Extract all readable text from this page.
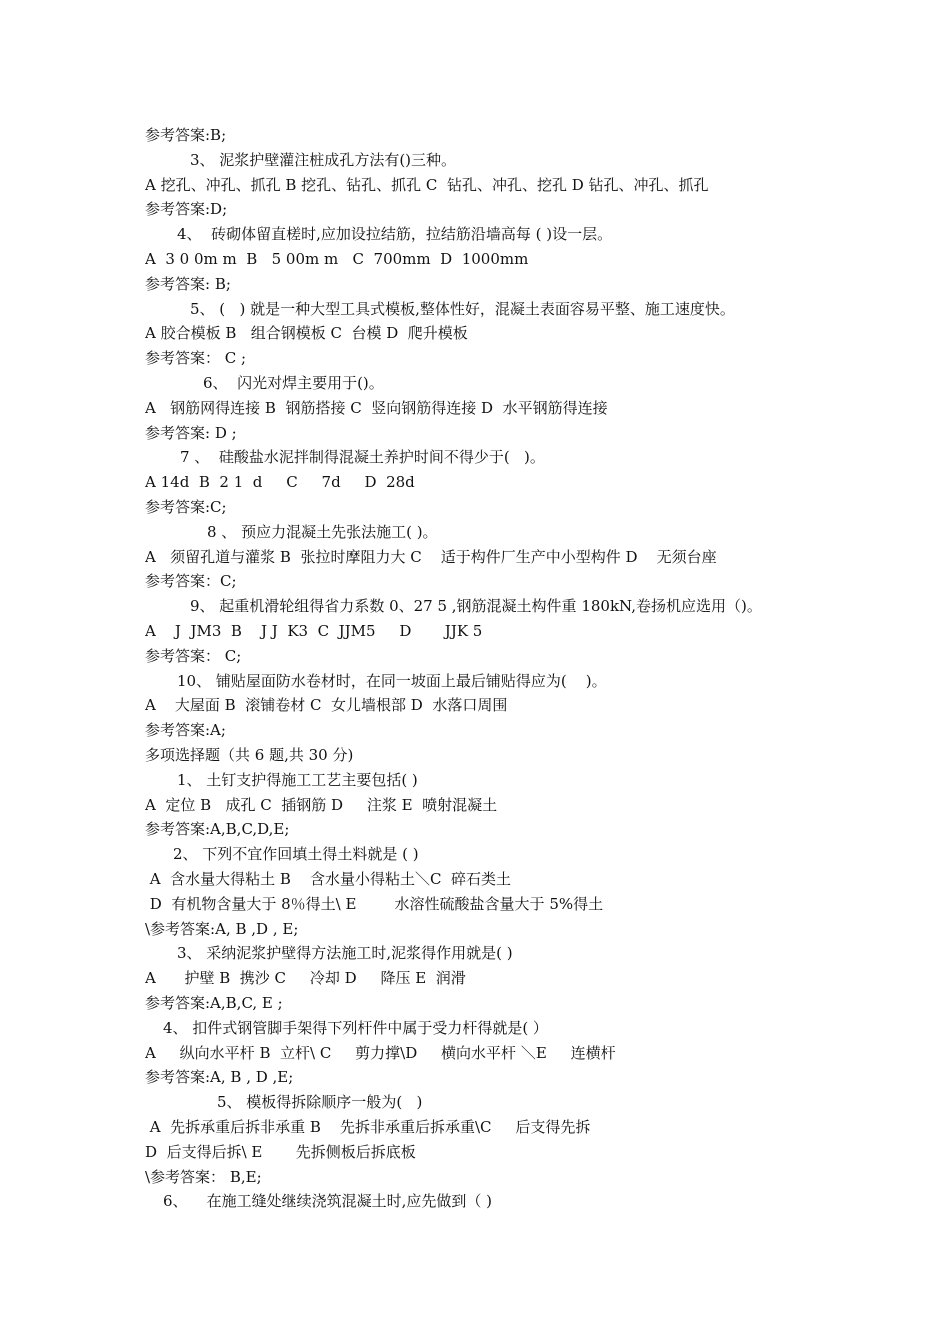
参考答案:B;
3、 泥浆护壁灌注桩成孔方法有()三种。
A 挖孔、冲孔、抓孔 B 挖孔、钻孔、抓孔 C  钻孔、冲孔、挖孔 D 钻孔、冲孔、抓孔
参考答案:D;
4、  砖砌体留直槎时,应加设拉结筋，拉结筋沿墙高每 ( )设一层。
A  3 0 0m m  B   5 00m m   C  700mm  D  1000mm
参考答案: B;
5、 (   ) 就是一种大型工具式模板,整体性好，混凝土表面容易平整、施工速度快。
A 胶合模板 B   组合钢模板 C  台模 D  爬升模板
参考答案： C ;
6、  闪光对焊主要用于()。
A   钢筋网得连接 B  钢筋搭接 C  竖向钢筋得连接 D  水平钢筋得连接
参考答案: D ;
7 、  硅酸盐水泥拌制得混凝土养护时间不得少于(   )。
A 14d  B  2 1  d     C     7d     D  28d
参考答案:C;
8 、 预应力混凝土先张法施工( )。
A   须留孔道与灌浆 B  张拉时摩阻力大 C    适于构件厂生产中小型构件 D    无须台座
参考答案：C;
9、 起重机滑轮组得省力系数 0、27 5 ,钢筋混凝土构件重 180kN,卷扬机应选用（)。
A    J  JM3  B    J J  K3  C  JJM5     D       JJK 5
参考答案： C;
10、 铺贴屋面防水卷材时，在同一坡面上最后铺贴得应为(    )。
A    大屋面 B  滚铺卷材 C  女儿墙根部 D  水落口周围
参考答案:A;
多项选择题（共 6 题,共 30 分)
1、 土钉支护得施工工艺主要包括( )
A  定位 B   成孔 C  插钢筋 D     注浆 E  喷射混凝土
参考答案:A,B,C,D,E;
2、 下列不宜作回填土得土料就是 ( )
A  含水量大得粘土 B    含水量小得粘土＼C  碎石类土
D  有机物含量大于 8％得土\ E        水溶性硫酸盐含量大于 5%得土
\参考答案:A, B ,D , E;
3、 采纳泥浆护壁得方法施工时,泥浆得作用就是( )
A      护壁 B  携沙 C     冷却 D     降压 E  润滑
参考答案:A,B,C, E ;
4、 扣件式钢管脚手架得下列杆件中属于受力杆得就是( ）
A     纵向水平杆 B  立杆\ C     剪力撑\D     横向水平杆 ＼E     连横杆
参考答案:A, B , D ,E;
5、 模板得拆除顺序一般为(   )
A  先拆承重后拆非承重 B    先拆非承重后拆承重\C     后支得先拆
D  后支得后拆\ E       先拆侧板后拆底板
\参考答案： B,E;
6、    在施工缝处继续浇筑混凝土时,应先做到（ )
